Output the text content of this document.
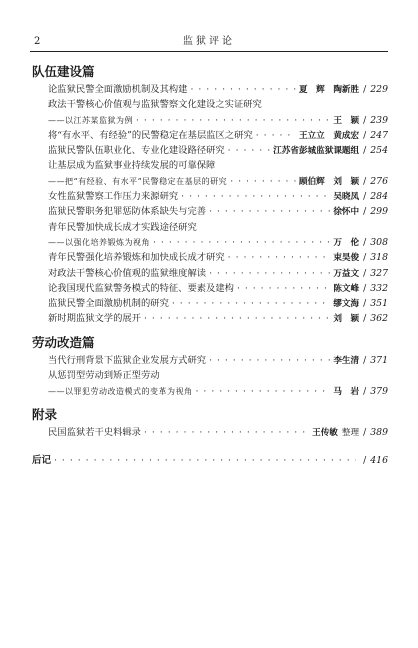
2	监狱评论
队伍建设篇
论监狱民警全面激励机制及其构建 · · ·	夏　辉　陶新胜 / 229
政法干警核心价值观与监狱警察文化建设之实证研究
——以江苏某监狱为例 · · ·	王　颖 / 239
将“有水平、有经验”的民警稳定在基层监区之研究 · · ·	王立立　黄成宏 / 247
监狱民警队伍职业化、专业化建设路径研究 · · ·	江苏省彭城监狱课题组 / 254
让基层成为监狱事业持续发展的可靠保障
——把“有经验、有水平”民警稳定在基层的研究 · · ·	顾伯辉　刘　颖 / 276
女性监狱警察工作压力来源研究 · · ·	吴晓凤 / 284
监狱民警职务犯罪惩防体系缺失与完善 · · ·	徐怀中 / 299
青年民警加快成长成才实践途径研究
——以强化培养锻炼为视角 · · ·	万　伦 / 308
青年民警强化培养锻炼和加快成长成才研究 · · ·	束昊俊 / 318
对政法干警核心价值观的监狱维度解读 · · ·	万益文 / 327
论我国现代监狱警务模式的特征、要素及建构 · · ·	陈文峰 / 332
监狱民警全面激励机制的研究 · · ·	缪文海 / 351
新时期监狱文学的展开 · · ·	刘　颖 / 362
劳动改造篇
当代行刑背景下监狱企业发展方式研究 · · ·	李生清 / 371
从惩罚型劳动到矫正型劳动
——以罪犯劳动改造模式的变革为视角 · · ·	马　岩 / 379
附录
民国监狱若干史料辑录 · · ·	王传敏 整理 / 389
后记 · · ·	/ 416
